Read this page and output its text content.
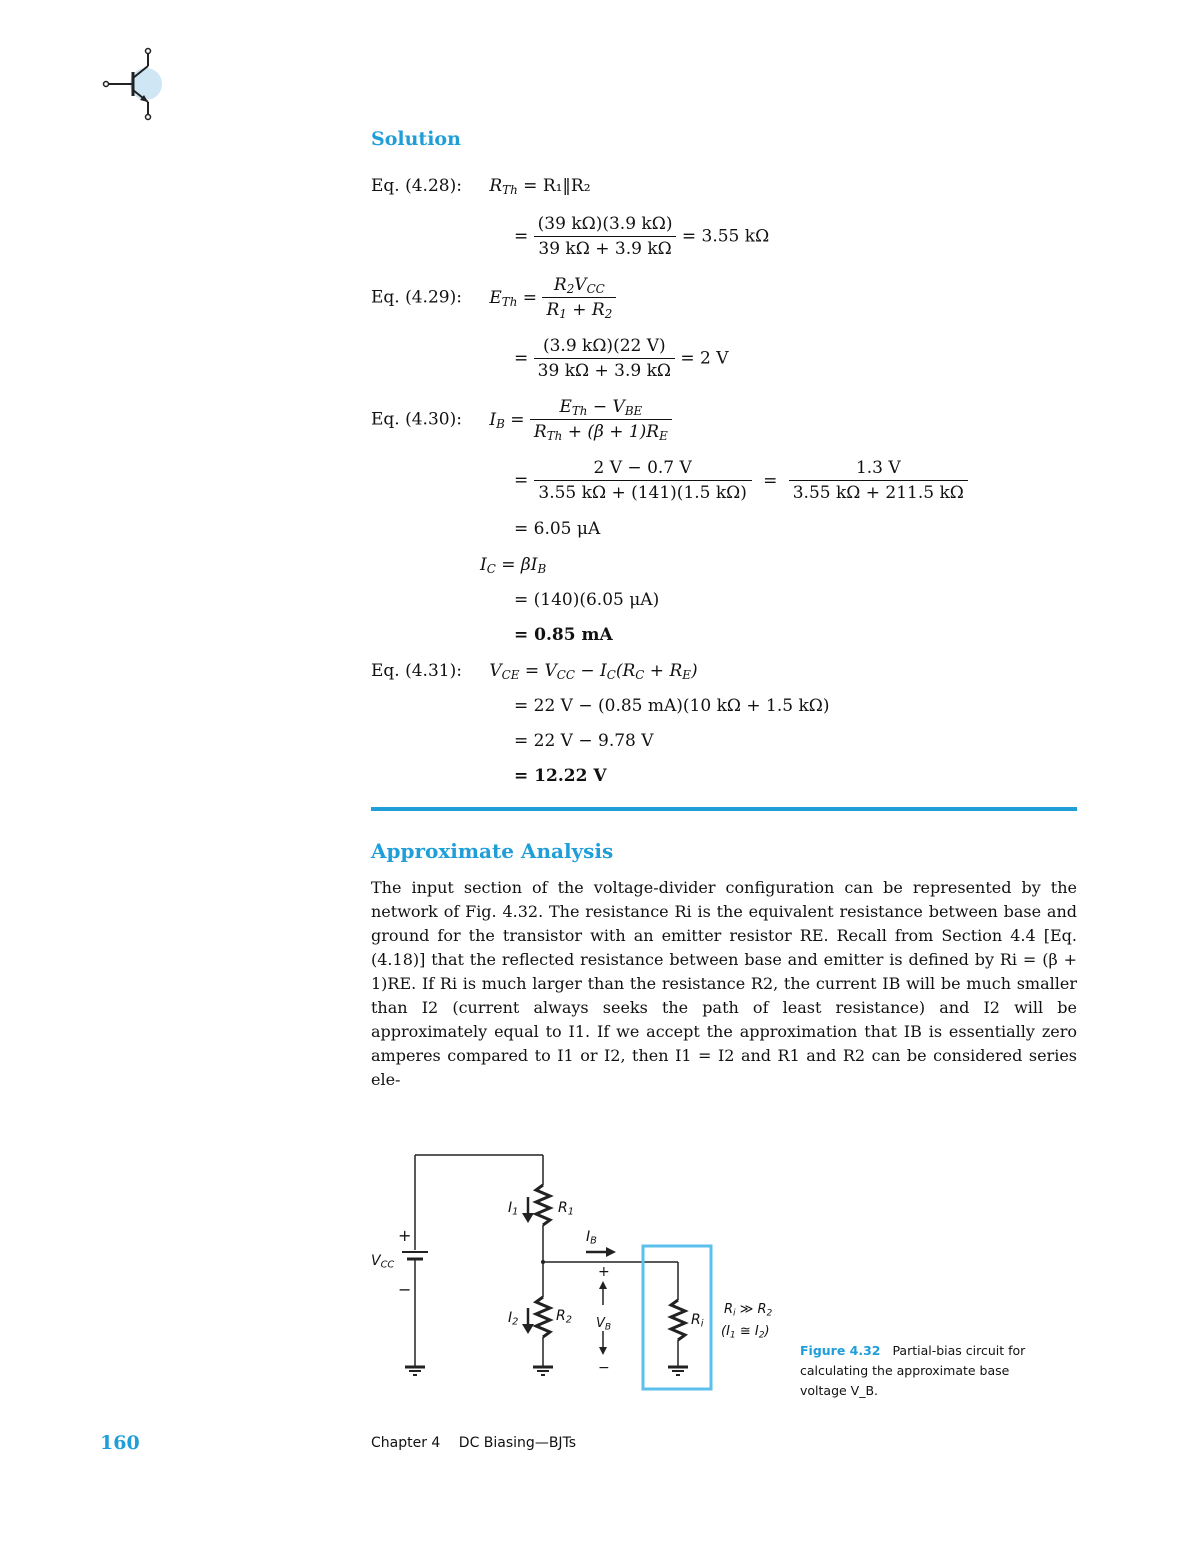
Solution
Eq. (4.28): $R_{Th}$ = R₁‖R₂
= $\frac{(39 k\Omega)(3.9 k\Omega)}{39 k\Omega + 3.9 k\Omega} = 3.55$ kΩ
Eq. (4.29): $E_{Th} = \frac{R_2V_{CC}}{R_1 + R_2}$
= $\frac{(3.9 k\Omega)(22 V)}{39 k\Omega + 3.9 k\Omega} = 2$ V
Eq. (4.30): $I_B = \frac{E_{Th} - V_{BE}}{R_{Th} + (\beta + 1)R_E}$
= $\frac{2 V - 0.7 V}{3.55 k\Omega + (141)(1.5 k\Omega)} = \frac{1.3 V}{3.55 k\Omega + 211.5 k\Omega}$
= 6.05 μA
$I_C = \beta I_B$
= (140)(6.05 μA)
= 0.85 mA
Eq. (4.31): $V_{CE} = V_{CC} - I_C(R_C + R_E)$
= 22 V − (0.85 mA)(10 kΩ + 1.5 kΩ)
= 22 V − 9.78 V
= 12.22 V
Approximate Analysis

The input section of the voltage-divider configuration can be represented by the network of Fig. 4.32. The resistance Ri is the equivalent resistance between base and ground for the transistor with an emitter resistor RE. Recall from Section 4.4 [Eq. (4.18)] that the reflected resistance between base and emitter is defined by Ri = (β + 1)RE. If Ri is much larger than the resistance R2, the current IB will be much smaller than I2 (current always seeks the path of least resistance) and I2 will be approximately equal to I1. If we accept the approximation that IB is essentially zero amperes compared to I1 or I2, then I1 = I2 and R1 and R2 can be considered series ele-

+
$V_{CC}$
−
$I_1$	$R_1$
$I_B$
+
$I_2$	$R_2$ $V_B$
−
$R_i$
$R_i$ ≫ $R_2$
($I_1$ ≅ $I_2$)
Figure 4.32 Partial-bias circuit for calculating the approximate base voltage V_B.
160	Chapter 4 DC Biasing—BJTs
